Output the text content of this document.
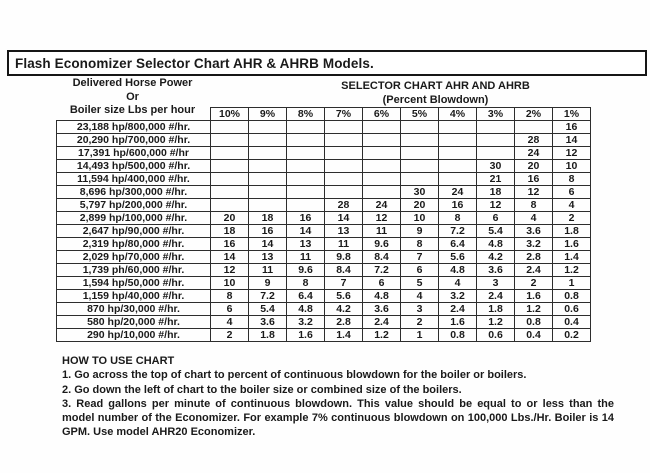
Flash Economizer Selector Chart AHR & AHRB Models.
Delivered Horse Power
Or
Boiler size Lbs per hour
SELECTOR CHART AHR AND AHRB
(Percent Blowdown)
	10%	9%	8%	7%	6%	5%	4%	3%	2%	1%
23,188 hp/800,000 #/hr.										16
20,290 hp/700,000 #/hr.									28	14
17,391 hp/600,000 #/hr									24	12
14,493 hp/500,000 #/hr.								30	20	10
11,594 hp/400,000 #/hr.								21	16	8
8,696 hp/300,000 #/hr.						30	24	18	12	6
5,797 hp/200,000 #/hr.				28	24	20	16	12	8	4
2,899 hp/100,000 #/hr.	20	18	16	14	12	10	8	6	4	2
2,647 hp/90,000 #/hr.	18	16	14	13	11	9	7.2	5.4	3.6	1.8
2,319 hp/80,000 #/hr.	16	14	13	11	9.6	8	6.4	4.8	3.2	1.6
2,029 hp/70,000 #/hr.	14	13	11	9.8	8.4	7	5.6	4.2	2.8	1.4
1,739 ph/60,000 #/hr.	12	11	9.6	8.4	7.2	6	4.8	3.6	2.4	1.2
1,594 hp/50,000 #/hr.	10	9	8	7	6	5	4	3	2	1
1,159 hp/40,000 #/hr.	8	7.2	6.4	5.6	4.8	4	3.2	2.4	1.6	0.8
870 hp/30,000 #/hr.	6	5.4	4.8	4.2	3.6	3	2.4	1.8	1.2	0.6
580 hp/20,000 #/hr.	4	3.6	3.2	2.8	2.4	2	1.6	1.2	0.8	0.4
290 hp/10,000 #/hr.	2	1.8	1.6	1.4	1.2	1	0.8	0.6	0.4	0.2
HOW TO USE CHART
1. Go across the top of chart to percent of continuous blowdown for the boiler or boilers.
2. Go down the left of chart to the boiler size or combined size of the boilers.
3. Read gallons per minute of continuous blowdown. This value should be equal to or less than the model number of the Economizer. For example 7% continuous blowdown on 100,000 Lbs./Hr. Boiler is 14 GPM. Use model AHR20 Economizer.
